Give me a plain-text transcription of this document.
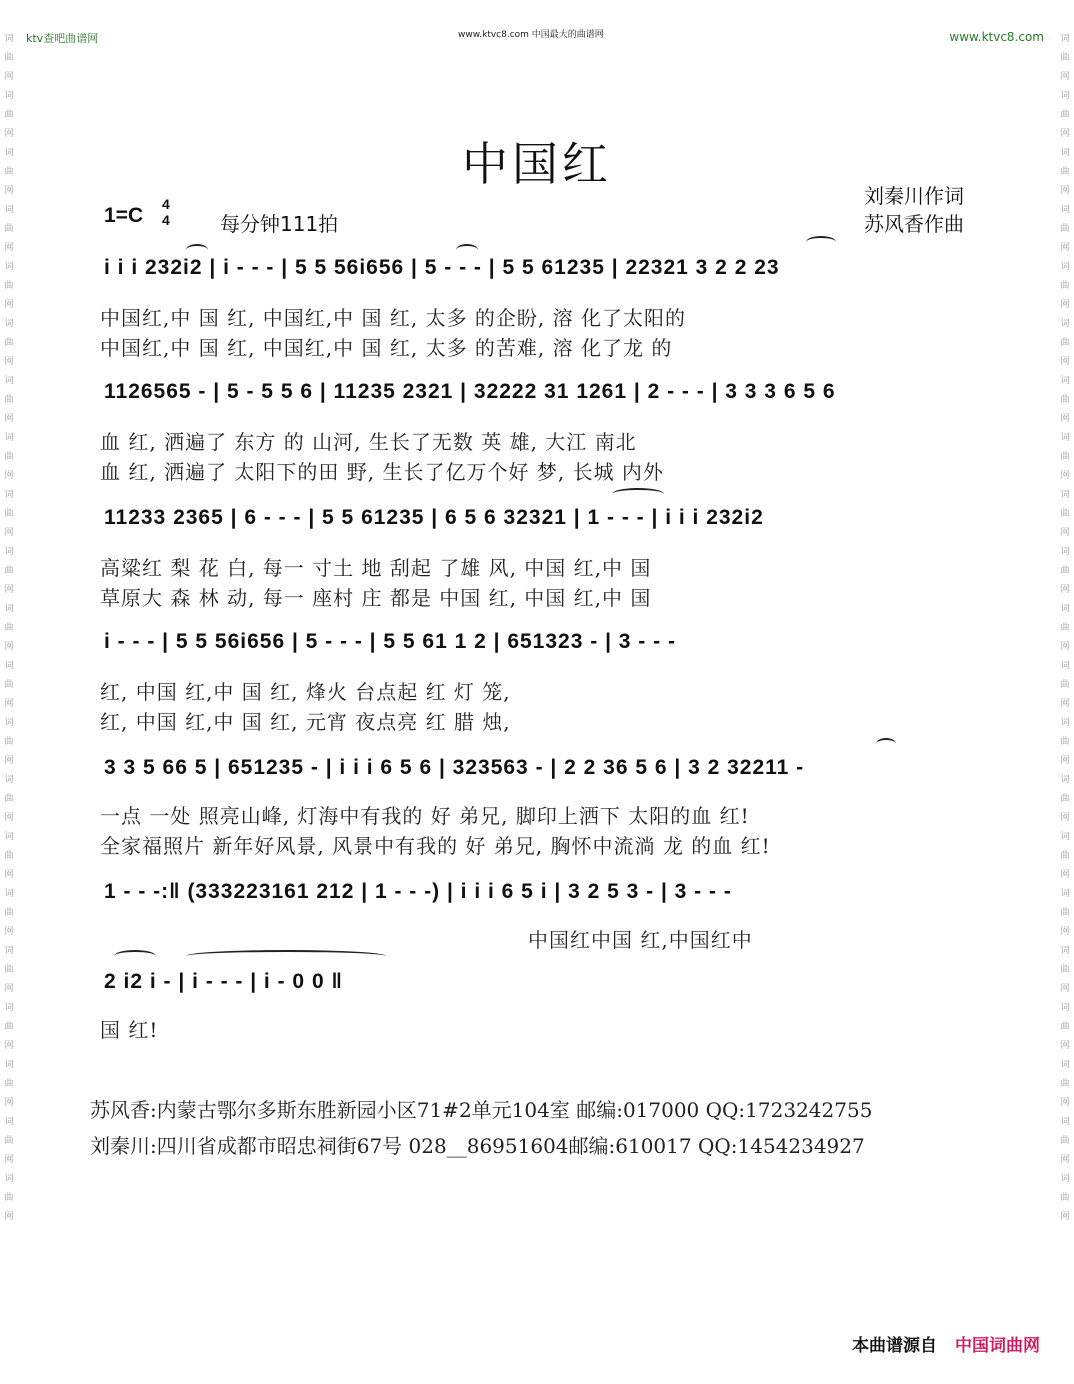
ktv查吧曲谱网	www.ktvc8.com 中国最大的曲谱网	www.ktvc8.com
词曲网词曲网词曲网词曲网词曲网词曲网词曲网词曲网词曲网词曲网词曲网词曲网词曲网词曲网词曲网词曲网词曲网词曲网词曲网词曲网词曲网
词曲网词曲网词曲网词曲网词曲网词曲网词曲网词曲网词曲网词曲网词曲网词曲网词曲网词曲网词曲网词曲网词曲网词曲网词曲网词曲网词曲网
中国红
刘秦川作词
苏风香作曲
1=C 4
4	每分钟111拍
i i i 232i2 | i - - - | 5 5 56i656 | 5 - - - | 5 5 61235 | 22321 3 2 2 23
中国红,中 国 红, 中国红,中 国 红, 太多 的企盼, 溶 化了太阳的
中国红,中 国 红, 中国红,中 国 红, 太多 的苦难, 溶 化了龙 的
1126565 - | 5 - 5 5 6 | 11235 2321 | 32222 31 1261 | 2 - - - | 3 3 3 6 5 6
血 红, 洒遍了 东方 的 山河, 生长了无数 英 雄, 大江 南北
血 红, 洒遍了 太阳下的田 野, 生长了亿万个好 梦, 长城 内外
11233 2365 | 6 - - - | 5 5 61235 | 6 5 6 32321 | 1 - - - | i i i 232i2
高粱红 梨 花 白, 每一 寸土 地 刮起 了雄 风, 中国 红,中 国
草原大 森 林 动, 每一 座村 庄 都是 中国 红, 中国 红,中 国
i - - - | 5 5 56i656 | 5 - - - | 5 5 61 1 2 | 651323 - | 3 - - -
红, 中国 红,中 国 红, 烽火 台点起 红 灯 笼,
红, 中国 红,中 国 红, 元宵 夜点亮 红 腊 烛,
3 3 5 66 5 | 651235 - | i i i 6 5 6 | 323563 - | 2 2 36 5 6 | 3 2 32211 -
一点 一处 照亮山峰, 灯海中有我的 好 弟兄, 脚印上洒下 太阳的血 红!
全家福照片 新年好风景, 风景中有我的 好 弟兄, 胸怀中流淌 龙 的血 红!
1 - - -:‖ (333223161 212 | 1 - - -) | i i i 6 5 i | 3 2 5 3 - | 3 - - -
中国红中国 红,中国红中
2 i2 i - | i - - - | i - 0 0 ‖
国 红!
苏风香:内蒙古鄂尔多斯东胜新园小区71#2单元104室 邮编:017000 QQ:1723242755
刘秦川:四川省成都市昭忠祠街67号 028__86951604邮编:610017 QQ:1454234927
本曲谱源自 中国词曲网
